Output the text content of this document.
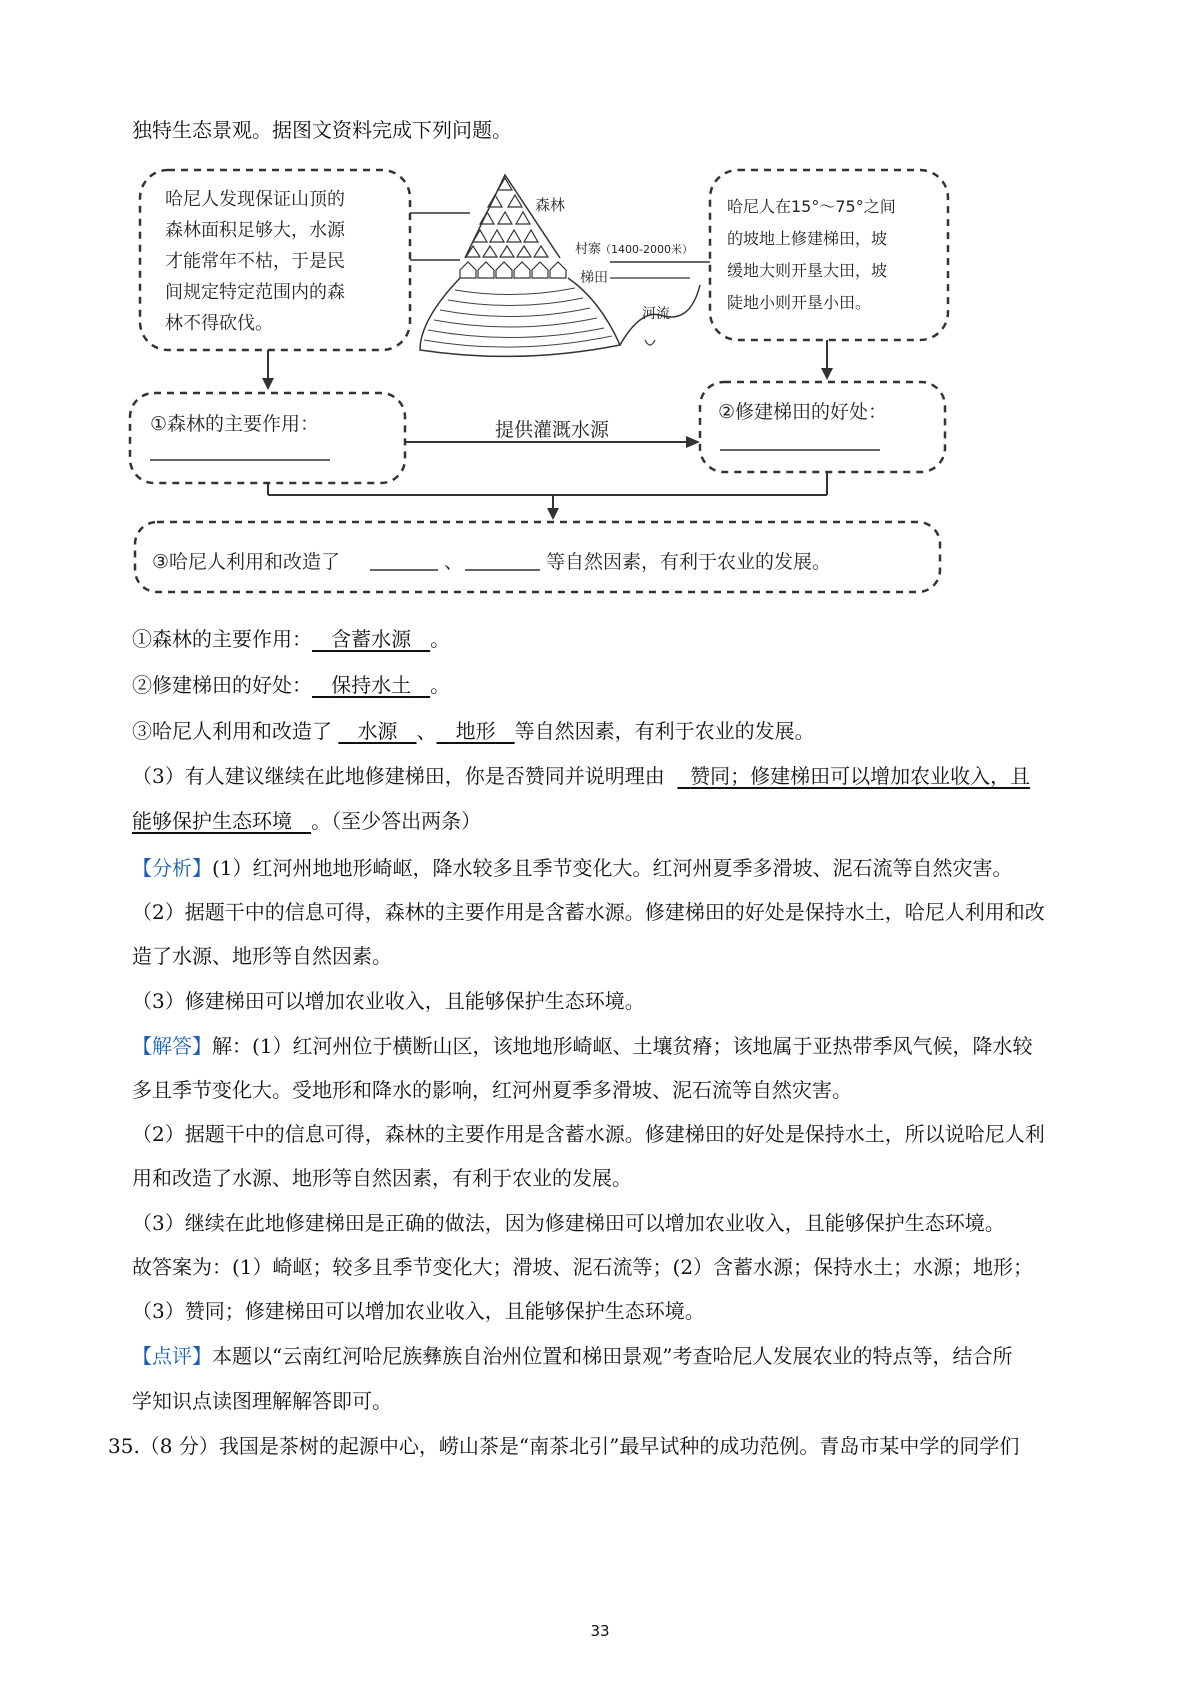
独特生态景观。据图文资料完成下列问题。
哈尼人发现保证山顶的
森林面积足够大，水源
才能常年不枯，于是民
间规定特定范围内的森
林不得砍伐。
哈尼人在15°～75°之间
的坡地上修建梯田，坡
缓地大则开垦大田，坡
陡地小则开垦小田。
森林
村寨
（1400-2000米）
梯田
河流
①森林的主要作用：
②修建梯田的好处：
提供灌溉水源
③哈尼人利用和改造了	、	等自然因素，有利于农业的发展。
①森林的主要作用： 含蓄水源 。
②修建梯田的好处： 保持水土 。
③哈尼人利用和改造了 水源 、 地形 等自然因素，有利于农业的发展。
（3）有人建议继续在此地修建梯田，你是否赞同并说明理由 赞同；修建梯田可以增加农业收入，且
能够保护生态环境 。（至少答出两条）
【分析】(1）红河州地地形崎岖，降水较多且季节变化大。红河州夏季多滑坡、泥石流等自然灾害。
（2）据题干中的信息可得，森林的主要作用是含蓄水源。修建梯田的好处是保持水土，哈尼人利用和改
造了水源、地形等自然因素。
（3）修建梯田可以增加农业收入，且能够保护生态环境。
【解答】解：(1）红河州位于横断山区，该地地形崎岖、土壤贫瘠；该地属于亚热带季风气候，降水较
多且季节变化大。受地形和降水的影响，红河州夏季多滑坡、泥石流等自然灾害。
（2）据题干中的信息可得，森林的主要作用是含蓄水源。修建梯田的好处是保持水土，所以说哈尼人利
用和改造了水源、地形等自然因素，有利于农业的发展。
（3）继续在此地修建梯田是正确的做法，因为修建梯田可以增加农业收入，且能够保护生态环境。
故答案为：(1）崎岖；较多且季节变化大；滑坡、泥石流等；(2）含蓄水源；保持水土；水源；地形；
（3）赞同；修建梯田可以增加农业收入，且能够保护生态环境。
【点评】本题以“云南红河哈尼族彝族自治州位置和梯田景观”考查哈尼人发展农业的特点等，结合所
学知识点读图理解解答即可。
35.（8 分）我国是茶树的起源中心，崂山茶是“南茶北引”最早试种的成功范例。青岛市某中学的同学们
33
